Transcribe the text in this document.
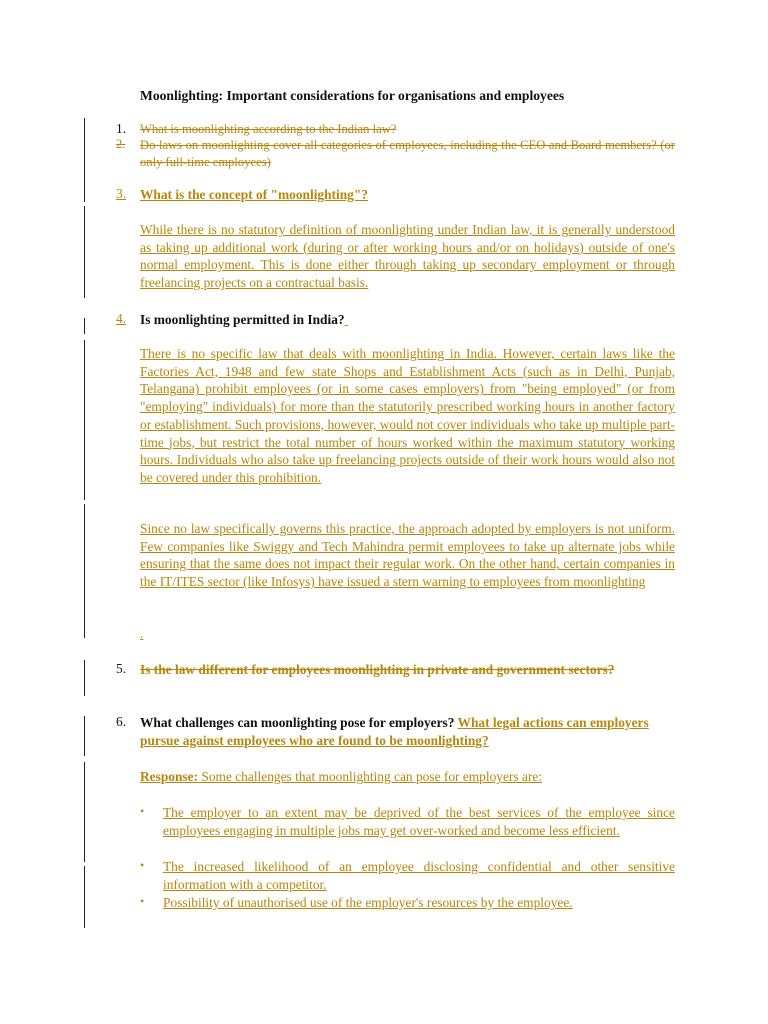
Moonlighting: Important considerations for organisations and employees
1. What is moonlighting according to the Indian law?
2. Do laws on moonlighting cover all categories of employees, including the CEO and Board members? (or only full-time employees)
3. What is the concept of "moonlighting"?
While there is no statutory definition of moonlighting under Indian law, it is generally understood as taking up additional work (during or after working hours and/or on holidays) outside of one's normal employment. This is done either through taking up secondary employment or through freelancing projects on a contractual basis.
4. Is moonlighting permitted in India?
There is no specific law that deals with moonlighting in India. However, certain laws like the Factories Act, 1948 and few state Shops and Establishment Acts (such as in Delhi, Punjab, Telangana) prohibit employees (or in some cases employers) from "being employed" (or from "employing" individuals) for more than the statutorily prescribed working hours in another factory or establishment. Such provisions, however, would not cover individuals who take up multiple part-time jobs, but restrict the total number of hours worked within the maximum statutory working hours. Individuals who also take up freelancing projects outside of their work hours would also not be covered under this prohibition.
Since no law specifically governs this practice, the approach adopted by employers is not uniform. Few companies like Swiggy and Tech Mahindra permit employees to take up alternate jobs while ensuring that the same does not impact their regular work. On the other hand, certain companies in the IT/ITES sector (like Infosys) have issued a stern warning to employees from moonlighting
.
5. Is the law different for employees moonlighting in private and government sectors?
6. What challenges can moonlighting pose for employers? What legal actions can employers pursue against employees who are found to be moonlighting?
Response: Some challenges that moonlighting can pose for employers are:
• The employer to an extent may be deprived of the best services of the employee since employees engaging in multiple jobs may get over-worked and become less efficient.
• The increased likelihood of an employee disclosing confidential and other sensitive information with a competitor.
• Possibility of unauthorised use of the employer's resources by the employee.
